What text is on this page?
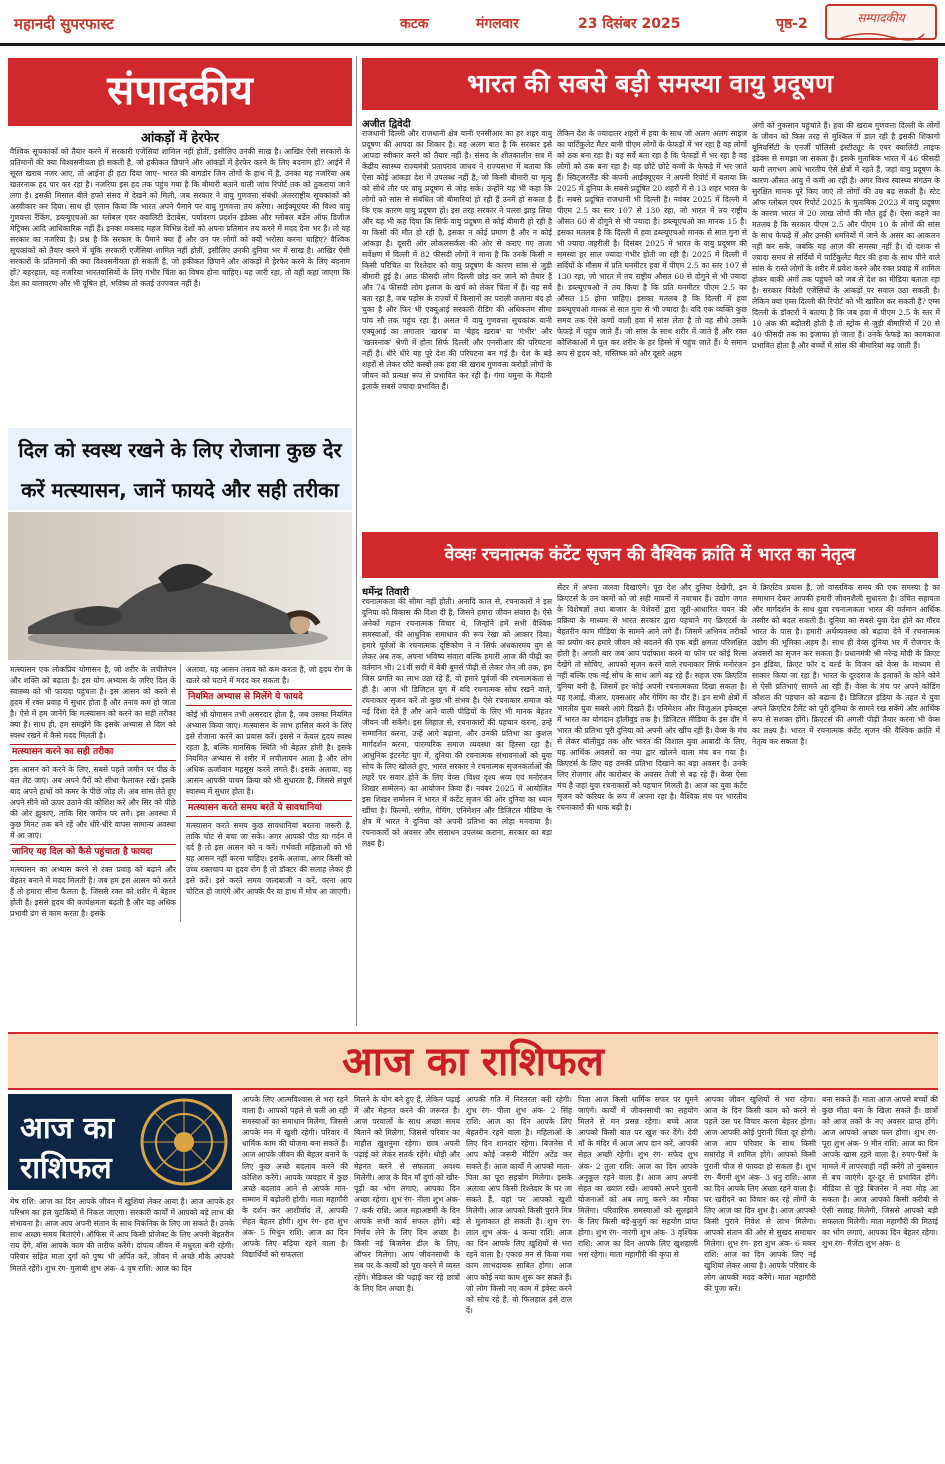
महानदी सुपरफास्ट	कटक	मंगलवार	23 दिसंबर 2025	पृष्ठ-2	सम्पादकीय
संपादकीय
आंकड़ों में हेरफेर
वैश्विक सूचकांकों को तैयार करने में सरकारी एजेंसियां शामिल नहीं होतीं, इसीलिए उनकी साख है। आखिर ऐसी सरकारों के प्रतिमानों की क्या विश्वसनीयता हो सकती है, जो हकीकत छिपाने और आंकड़ों में हेरफेर करने के लिए बदनाम हों? आईने में सूरत खराब नजर आए, तो आईना ही हटा दिया जाए- भारत की बागडोर जिन लोगों के हाथ में है, उनका यह नजरिया अब खतरनाक हद पार कर रहा है। नजरिया इस हद तक पहुंच गया है कि बीमारी बताने वाली जांच रिपोर्ट तक को ठुकराया जाने लगा है। इसकी मिसाल बीते हफ्ते संसद में देखने को मिली, जब सरकार ने वायु गुणवत्ता संबंधी अंतरराष्ट्रीय सूचकांकों को अस्वीकार कर दिया। साथ ही एलान किया कि भारत अपने पैमाने पर वायु गुणवत्ता तय करेगा। आईक्यूएयर की विश्व वायु गुणवत्ता रैंकिंग, डब्ल्यूएचओ का ग्लोबल एयर क्वालिटी डेटाबेस, पर्यावरण प्रदर्शन इंडेक्स और ग्लोबल बर्डेन ऑफ डिजीज मेट्रिक्स आदि आधिकारिक नहीं हैं। इनका मकसद महज विभिन्न देशों को अपना प्रतिमान तय करने में मदद देना भर है। तो यह सरकार का नजरिया है। प्रश्न है कि सरकार के पैमाने क्या हैं और उन पर लोगों को क्यों भरोसा करना चाहिए? वैश्विक सूचकांकों को तैयार करने में चूंकि सरकारी एजेंसियां शामिल नहीं होतीं, इसीलिए उनकी दुनिया भर में साख है। आखिर ऐसी सरकारों के प्रतिमानों की क्या विश्वसनीयता हो सकती है, जो हकीकत छिपाने और आंकड़ों में हेरफेर करने के लिए बदनाम हों? बहरहाल, यह नजरिया भारतवासियों के लिए गंभीर चिंता का विषय होना चाहिए। यह जारी रहा, तो वहीं कहा जाएगा कि देश का वातावरण और भी दूषित हो, भविष्य तो कतई उज्ज्वल नहीं है।
दिल को स्वस्थ रखने के लिए रोजाना कुछ देर करें मत्स्यासन, जानें फायदे और सही तरीका
मत्स्यासन एक लोकप्रिय योगासन है, जो शरीर के लचीलेपन और शक्ति को बढ़ाता है। इस योग अभ्यास के जरिए दिल के स्वास्थ्य को भी फायदा पहुंचता है। इस आसन को करने से हृदय में रक्त प्रवाह में सुधार होता है और तनाव कम हो जाता है। ऐसे में हम जानेंगे कि मत्स्यासन को करने का सही तरीका क्या है। साथ ही, हम समझेंगे कि इसके अभ्यास से दिल को स्वस्थ रखने में कैसे मदद मिलती है।
मत्स्यासन करने का सही तरीका
इस आसन को करने के लिए, सबसे पहले जमीन पर पीठ के बल लेट जाएं। अब अपने पैरों को सीधा फैलाकर रखें। इसके बाद अपने हाथों को कमर के पीछे जोड़ लें। अब सांस लेते हुए अपने सीने को ऊपर उठाने की कोशिश करें और सिर को पीछे की ओर झुकाएं, ताकि सिर जमीन पर लगे। इस अवस्था में कुछ मिनट तक बने रहें और धीरे-धीरे वापस सामान्य अवस्था में आ जाएं।
जानिए यह दिल को कैसे पहुंचाता है फायदा
मत्स्यासन का अभ्यास करने से रक्त प्रवाह को बढ़ाने और बेहतर बनाने में मदद मिलती है। जब हम इस आसन को करते हैं तो हमारा सीना फैलता है, जिससे रक्त को शरीर में बेहतर होती है। इससे हृदय की कार्यक्षमता बढ़ती है और यह अधिक प्रभावी ढंग से काम करता है। इसके
अलावा, यह आसन तनाव को कम करता है, जो हृदय रोग के खतरे को घटाने में मदद कर सकता है।
नियमित अभ्यास से मिलेंगे ये फायदे
कोई भी योगासन तभी असरदार होता है, जब उसका नियमित अभ्यास किया जाए। मत्स्यासन के लाभ हासिल करने के लिए इसे रोजाना करने का प्रयास करें। इससे न केवल हृदय स्वस्थ रहता है, बल्कि मानसिक स्थिति भी बेहतर होती है। इसके नियमित अभ्यास से शरीर में लचीलापन आता है और लोग अधिक ऊर्जावान महसूस करने लगते हैं। इसके अलावा, यह आसन आपकी पाचन क्रिया को भी सुधारता है, जिससे संपूर्ण स्वास्थ्य में सुधार होता है।
मत्स्यासन करते समय बरतें ये सावधानियां
मत्स्यासन करते समय कुछ सावधानियां बरतना जरूरी है, ताकि चोट से बचा जा सके। अगर आपको पीठ या गर्दन में दर्द है तो इस आसन को न करें। गर्भवती महिलाओं को भी यह आसन नहीं करना चाहिए। इसके अलावा, अगर किसी को उच्च रक्तचाप या हृदय रोग है तो डॉक्टर की सलाह लेकर ही इसे करें। इसे करते समय जल्दबाजी न करें, वरना आप चोटिल हो जाएंगे और आपके पैर या हाथ में मोच आ जाएगी।
भारत की सबसे बड़ी समस्या वायु प्रदूषण
अजीत द्विवेदी
राजधानी दिल्ली और राजधानी क्षेत्र यानी एनसीआर का हर शहर वायु प्रदूषण की आपदा का शिकार है। यह अलग बात है कि सरकार इसे आपदा स्वीकार करने को तैयार नहीं है। संसद के शीतकालीन सत्र में केंद्रीय स्वास्थ्य राज्यमंत्री प्रतापराव जाधव ने राज्यसभा में बताया कि ऐसा कोई आंकड़ा देश में उपलब्ध नहीं है, जो किसी बीमारी या मृत्यु को सीधे तौर पर वायु प्रदूषण से जोड़ सके। उन्होंने यह भी कहा कि लोगों को सांस से संबंधित जो बीमारियां हो रही हैं उनमें हो सकता है कि एक कारण वायु प्रदूषण हो। इस तरह सरकार ने पल्ला झाड़ लिया और यह भी कह दिया कि सिर्फ वायु प्रदूषण से कोई बीमारी हो रही है या किसी की मौत हो रही है, इसका न कोई प्रमाण है और न कोई आंकड़ा है। दूसरी ओर लोकलसर्कल की ओर से कराए गए ताजा सर्वेक्षण में दिल्ली में 82 फीसदी लोगों ने माना है कि उनके किसी न किसी परिचित या रिश्तेदार को वायु प्रदूषण के कारण सांस से जुड़ी बीमारी हुई है। आठ फीसदी लोग दिल्ली छोड़ कर जाने को तैयार हैं और 74 फीसदी लोग इलाज के खर्च को लेकर चिंता में हैं। यह सर्वे बता रहा है, जब पड़ोस के राज्यों में किसानों का पराली जलाना बंद हो चुका है और फिर भी एक्यूआई सरकारी रीडिंग की अधिकतम सीमा पांच सौ तक पहुंच रहा है। असल में वायु गुणवत्ता सूचकांक यानी एक्यूआई का लगातार 'खराब' या 'बेहद खराब' या 'गंभीर' और 'खतरनाक' श्रेणी में होना सिर्फ दिल्ली और एनसीआर की परिघटना नहीं है। धीरे धीरे यह पूरे देश की परिघटना बन गई है। देश के बड़े शहरों से लेकर छोटे कस्बों तक हवा की खराब गुणवत्ता करोड़ों लोगों के जीवन को प्रत्यक्ष रूप से प्रभावित कर रही है। गंगा यमुना के मैदानी इलाके सबसे ज्यादा प्रभावित हैं।
लेकिन देश के ज्यादातर शहरों में हवा के साथ जो अलग अलग साइज का पार्टिकुलेट मैटर यानी पीएम लोगों के फेफड़ों में भर रहा है वह लोगों को ठक बना रहा है। यह सर्वे बता रहा है कि फेफड़ों में भर रहा है वह लोगों को ठक बना रहा है। वह छोटे छोटे कणों के फेफड़े में भर जाते हैं। स्विट्जरलैंड की कंपनी आईक्यूएयर ने अपनी रिपोर्ट में बताया कि 2025 में दुनिया के सबसे प्रदूषित 20 शहरों में से 13 शहर भारत के हैं। सबसे प्रदूषित राजधानी भी दिल्ली है। नवंबर 2025 में दिल्ली में पीएम 2.5 का स्तर 107 से 130 रहा, जो भारत में तय राष्ट्रीय औसत 60 से दोगुने से भी ज्यादा है। डब्ल्यूएचओ का मानक 15 है। इसका मतलब है कि दिल्ली में हवा डब्ल्यूएचओ मानक से सात गुना से भी ज्यादा जहरीली है। दिसंबर 2025 में भारत के वायु प्रदूषण की समस्या हर साल ज्यादा गंभीर होती जा रही है। 2025 में दिल्ली में सर्दियों के मौसम में प्रति घनमीटर हवा में पीएम 2.5 का स्तर 107 से 130 रहा, जो भारत में तय राष्ट्रीय औसत 60 से दोगुने से भी ज्यादा है। डब्ल्यूएचओ ने तय किया है कि प्रति घनमीटर पीएम 2.5 का औसत 15 होना चाहिए। इसका मतलब है कि दिल्ली में हवा डब्ल्यूएचओ मानक से सात गुना से भी ज्यादा है। यदि एक व्यक्ति कुछ समय तक ऐसे कणों वाली हवा में सांस लेता है तो वह सीधे उसके फेफड़े में पहुंच जाते हैं। जो सांस के साथ शरीर में जाते हैं और रक्त कोशिकाओं में घुल कर शरीर के हर हिस्से में पहुंच जाते हैं। ये समान रूप से हृदय को, मस्तिष्क को और दूसरे अहम
अंगों को नुकसान पहुंचाते हैं। हवा की खराब गुणवत्ता दिल्ली के लोगों के जीवन को किस तरह से मुश्किल में डाल रही है इसकी शिकागो यूनिवर्सिटी के एनर्जी पॉलिसी इंस्टीट्यूट के एयर क्वालिटी लाइफ इंडेक्स से समझा जा सकता है। इसके मुताबिक भारत में 46 फीसदी यानी लगभग आधे भारतीय ऐसे क्षेत्रों में रहते हैं, जहां वायु प्रदूषण के कारण औसत आयु में कमी आ रही है। अगर विश्व स्वास्थ्य संगठन के सुरक्षित मानक पूरे किए जाएं तो लोगों की उम्र बढ़ सकती है। स्टेट ऑफ ग्लोबल एयर रिपोर्ट 2025 के मुताबिक 2023 में वायु प्रदूषण के कारण भारत में 20 लाख लोगों की मौत हुई है। ऐसा कहने का मतलब है कि सरकार पीएम 2.5 और पीएम 10 के लोगों की सांस के साथ फेफड़े में और उनकी धमनियों में जाने के असर का आकलन नहीं कर सके, जबकि यह आज की समस्या नहीं है। दो दशक से ज्यादा समय से सर्दियों में पार्टिकुलेट मैटर की हवा के साथ पीने वाले सांस के रास्ते लोगों के शरीर में प्रवेश करने और रक्त प्रवाह में शामिल होकर बाकी अंगों तक पहुंचने को जब से देश का मीडिया बताता रहा है। सरकार विदेशी एजेंसियों के आंकड़ों पर सवाल उठा सकती है। लेकिन क्या एम्स दिल्ली की रिपोर्ट को भी खारिज कर सकती है? एम्स दिल्ली के डॉक्टरों ने बताया है कि जब हवा में पीएम 2.5 के स्तर में 10 अंक की बढ़ोतरी होती है तो स्ट्रोक से जुड़ी बीमारियों में 20 से 40 फीसदी तक का इजाफा हो जाता है। उनके फेफड़े का कामकाज प्रभावित होता है और बच्चों में सांस की बीमारियां बढ़ जाती हैं।
वेव्सः रचनात्मक कंटेंट सृजन की वैश्विक क्रांति में भारत का नेतृत्व
धर्मेन्द्र तिवारी
रचनात्मकता की सीमा नहीं होती। अनादि काल से, रचनाकारों ने इस दुनिया को विकास की दिशा दी है, जिसने हमारा जीवन संवारा है। ऐसे अनेकों महान रचनात्मक विचार थे, जिन्होंने हमें सभी वैश्विक समस्याओं, की आधुनिक समाधान की रूप रेखा को आकार दिया। हमारे पूर्वजों के रचनात्मक दृष्टिकोण ने न सिर्फ अंधकारमय युग से लेकर अब तक, अपना भविष्य संवारा बल्कि हमारी आज की पीढ़ी का वर्तमान भी। 21वीं सदी में बेबी बूमर्स पीढ़ी से लेकर जेन जी तक, हम जिस प्रगति का लाभ उठा रहे हैं, वो हमारे पूर्वजों की रचनात्मकता से ही है। आज भी डिजिटल युग में यदि रचनात्मक सोच रखने वाले, रचनाकार सृजन करें तो कुछ भी संभव है। ऐसे रचनाकार समाज को नई दिशा देते हैं और आने वाली पीढ़ियों के लिए भी मानक बेहतर जीवन जी सकेंगे। इस लिहाज से, रचनाकारों की पहचान करना, उन्हें सम्मानित करना, उन्हें आगे बढ़ाना, और उनकी प्रतिभा का कुशल मार्गदर्शन करना, पारम्परिक समाज व्यवस्था का हिस्सा रहा है। आधुनिक इंटरनेट युग में, दुनिया की रचनात्मक संभावनाओं को युवा सोच के लिए खोलते हुए, भारत सरकार ने रचनात्मक सृजनकर्ताओं की लहरें पर सवार होने के लिए वेव्स (विश्व दृश्य श्रव्य एवं मनोरंजन शिखर सम्मेलन) का आयोजन किया है। नवंबर 2025 में आयोजित इस शिखर सम्मेलन ने भारत में कंटेंट सृजन की ओर दुनिया का ध्यान खींचा है। फिल्मों, संगीत, गेमिंग, एनिमेशन और डिजिटल मीडिया के क्षेत्र में भारत ने दुनिया को अपनी प्रतिभा का लोहा मनवाया है। रचनाकारों को अवसर और संसाधन उपलब्ध कराना, सरकार का बड़ा लक्ष्य है।
सेंटर में अपना जलवा दिखाएंगे। पूरा देश और दुनिया देखेगी, इन क्रिएटर्स के उन कामों को जो सही मायनों में नवाचार हैं। उद्योग जगत के विशेषज्ञों तथा बाजार के पेशेवरों द्वारा जूरी-आधारित चयन की प्रक्रिया के माध्यम से भारत सरकार द्वारा पहचाने गए क्रिएटर्स के बेहतरीन काम मीडिया के सामने आने लगे हैं। जिसमें अभिनव तरीकों का प्रयोग कर हमारे जीवन को बदलने की एक बड़ी क्षमता परिलक्षित होती है। अगली बार जब आप पर्दाफाश करने या फोन पर कोई रिल्स देखेंगे तो सोचिए, आपको सृजन करने वाले रचनाकार सिर्फ मनोरंजन नहीं बल्कि एक नई सोच के साथ आगे बढ़ रहे हैं। सहज एक क्रिएटिव दुनिया बनी है, जिसमें हर कोई अपनी रचनात्मकता दिखा सकता है। यह एआई, वीआर, एक्सआर और गेमिंग का दौर है। इन सभी क्षेत्रों में भारतीय युवा सबसे आगे दिखते हैं। एनिमेशन और विजुअल इफेक्ट्स में भारत का योगदान हॉलीवुड तक है। डिजिटल मीडिया के इस दौर में भारत की प्रतिभा पूरी दुनिया को अपनी ओर खींच रही है। वेव्स के मंच से लेकर बॉलीवुड तक और भारत की विशाल युवा आबादी के लिए, यह आर्थिक अवसरों का नया द्वार खोलने वाला मंच बन गया है। क्रिएटर्स के लिए यह उनकी प्रतिभा दिखाने का बड़ा अवसर है। उनके लिए रोजगार और कारोबार के अवसर तेजी से बढ़ रहे हैं। वेव्स ऐसा मंच है जहां युवा रचनाकारों को पहचान मिलती है। आज का युवा कंटेंट सृजन को करियर के रूप में अपना रहा है। वैश्विक मंच पर भारतीय रचनाकारों की धाक बढ़ी है।
ये क्रिएटिव प्रयास हैं, जो वास्तविक समय की एक समस्या है का समाधान देकर आपकी हमारी जीवनशैली सुधारता है। उचित सहायता और मार्गदर्शन के साथ युवा रचनात्मकता भारत की वर्तमान आर्थिक तस्वीर को बदल सकती है। दुनिया का सबसे युवा देश होने का गौरव भारत के पास है। हमारी अर्थव्यवस्था को बढ़ावा देने में रचनात्मक उद्योग की भूमिका अहम है। साथ ही वेव्स दुनिया भर में रोजगार के अवसरों का सृजन कर सकता है। प्रधानमंत्री श्री नरेन्द्र मोदी के क्रिएट इन इंडिया, क्रिएट फॉर द वर्ल्ड के विजन को वेव्स के माध्यम से साकार किया जा रहा है। भारत के दूरदराज के इलाकों के कोने कोने से ऐसी प्रतिभाएं सामने आ रही हैं। वेव्स के मंच पर अपने कोडिंग कौशल की पहचान को बढ़ाना है। डिजिटल इंडिया के तहत ये युवा अपने क्रिएटिव टैलेंट को पूरी दुनिया के सामने रख सकेंगे और आर्थिक रूप से सशक्त होंगे। क्रिएटर्स की अगली पीढ़ी तैयार करना भी वेव्स का लक्ष्य है। भारत में रचनात्मक कंटेंट सृजन की वैश्विक क्रांति में नेतृत्व कर सकता है।
आज का राशिफल
आज का
राशिफल
मेष राशि: आज का दिन आपके जीवन में खुशियां लेकर आया है। आज आपके हर परिश्रम का हल चुटकियों में निकल जाएगा। सरकारी कार्यों में आपको बड़े लाभ की संभावना है। आज आप अपनी संतान के साथ निकनिक के लिए जा सकते हैं। उनके साथ अच्छा समय बिताएंगे। ऑफिस में आप किसी प्रोजेक्ट के लिए अपनी बेहतरीन राय देंगे, बॉस आपके काम की तारीफ करेंगे। दांपत्य जीवन में मधुरता बनी रहेगी। परिवार सहित माता दुर्गा को पुष्प भी अर्पित करें, जीवन में अच्छे मौके आपको मिलते रहेंगे। शुभ रंग- गुलाबी शुभ अंक- 4 वृष राशि: आज का दिन
आपके लिए आत्मविश्वास से भरा रहने वाला है। आपको पहले से चली आ रही समस्याओं का समाधान मिलेगा, जिससे आपके मन में खुशी रहेगी। परिवार में धार्मिक काम की योजना बना सकते हैं। आज आपके जीवन की बेहतर बनाने के लिए कुछ अच्छे बदलाव करने की कोशिश करेंगे। आपके व्यवहार में कुछ अच्छे बदलाव आने से आपके मान-सम्मान में बढ़ोतरी होगी। माता महागौरी के दर्शन कर आशीर्वाद लें, आपकी सेहत बेहतर होगी। शुभ रंग- हरा शुभ अंक- 5 मिथुन राशि: आज का दिन आपके लिए बढ़िया रहने वाला है। विद्यार्थियों को सफलता
मिलने के योग बने हुए हैं, लेकिन पढ़ाई में और मेहनत करने की जरूरत है। आज परवालों के साथ अच्छा समय बिताने को मिलेगा, जिससे परिवार का माहौल खुशनुमा रहेगा। छात्र अपनी पढ़ाई को लेकर सतर्क रहेंगे। थोड़ी और मेहनत करने से सफलता अवश्य मिलेगी। आज के दिन माँ दुर्गा को खीर-पूड़ी का भोग लगाएं, आपका दिन अच्छा रहेगा। शुभ रंग- नीला शुभ अंक- 7 कर्क राशि: आज महाअष्टमी के दिन आपके सभी कार्य सफल होंगे। बड़े निर्णय लेने के लिए दिन अच्छा है। किसी नई बिजनेस डील के लिए, ऑफर मिलेगा। आप जीवनसाथी के सब पर के कार्यों को पूरा करने में व्यस्त रहेंगे। मेडिकल की पढ़ाई कर रहे छात्रों के लिए दिन अच्छा है।
आपकी गति में निरंतरता बनी रहेगी। शुभ रंग- पीला शुभ अंक- 2 सिंह राशि: आज का दिन आपके लिए बेहतरीन रहने वाला है। महिलाओं के लिए दिन शानदार रहेगा। बिजनेस में आप कोई जरूरी मीटिंग अटेंड कर सकते हैं। आज कार्यों में आपको माता-पिता का पूरा सहयोग मिलेगा। इसके अलावा आप किसी रिश्तेदार के घर जा सकते हैं, वहां पर आपको खुशी मिलेगी। आज आपको किसी पुराने मित्र से मुलाकात हो सकती है। शुभ रंग- लाल शुभ अंक- 4 कन्या राशि: आज का दिन आपके लिए खुशियों से भरा रहने वाला है। एकाग्र मन से किया गया काम लाभदायक साबित होगा। आज आप कोई नया काम शुरू कर सकते हैं। जो लोग किसी नए काम में इंवेस्ट करने को सोच रहे हैं, वो फिलहाल इसे टाल दें।
पिता आज किसी धार्मिक सफर पर घूमने जाएंगे। कार्यों में जीवनसाथी का सहयोग मिलने से मन प्रसन्न रहेगा। बच्चे आज आपको किसी बात पर खुश कर देंगे। देवी माँ के मंदिर में आज आप दान करें, आपकी सेहत अच्छी रहेगी। शुभ रंग- सफेद शुभ अंक- 2 तुला राशि: आज का दिन आपके अनुकूल रहने वाला है। आज आप अपनी सेहत का ख्याल रखें। आपको अपने पुरानी योजनाओं को अब लागू करने का मौका मिलेगा। परिवारिक समस्याओं को सुलझाने के लिए किसी बड़े-बुजुर्ग का सहयोग प्राप्त होगा। शुभ रंग- नारंगी शुभ अंक- 3 वृश्चिक राशि: आज का दिन आपके लिए खुशहाली भरा रहेगा। माता महागौरी की कृपा से
आपका जीवन खुशियों से भरा रहेगा। आज के दिन किसी काम को करने से पहले उस पर विचार करना बेहतर होगा। आज आपकी कोई पुरानी चिंता दूर होगी। आज आप परिवार के साथ किसी समारोह में शामिल होंगे। आपको किसी पुरानी चीज से फायदा हो सकता है। शुभ रंग- बैंगनी शुभ अंक- 3 धनु राशि: आज का दिन आपके लिए अच्छा रहने वाला है। घर खरीदने का विचार कर रहे लोगों के लिए आज का दिन शुभ है। आज आपको किसी पुराने निवेश से लाभ मिलेगा। आपको संतान की ओर से सुखद समाचार मिलेगा। शुभ रंग- हरा शुभ अंक- 6 मकर राशि: आज का दिन आपके लिए नई खुशियां लेकर आया है। आपके परिवार के लोग आपकी मदद करेंगे। माता महागौरी की पूजा करें।
बना सकते हैं। माता आज आपसे बच्चों की कुछ मीठा बना के खिला सकते हैं। छात्रों को आज तकों के नए अवसर प्राप्त होंगे। आज आपको अच्छा फल होगा। शुभ रंग- पूरा शुभ अंक- 9 मीन राशि: आज का दिन आपके खास रहने वाला है। रुपए-पैसों के मामले में लापरवाही नहीं करेंगे तो नुकसान से बच जाएंगे। दूर-दूर से प्रभावित होंगे। मीडिया से जुड़े बिजनेस में नया मोड़ आ सकता है। आज आपको किसी करीबी से ऐसी सलाह मिलेगी, जिससे आपको बड़ी सफलता मिलेगी। माता महागौरी की मिठाई का भोग लगाएं, आपका दिन बेहतर रहेगा। शुभ रंग- मैजेंटा शुभ अंक- 8
